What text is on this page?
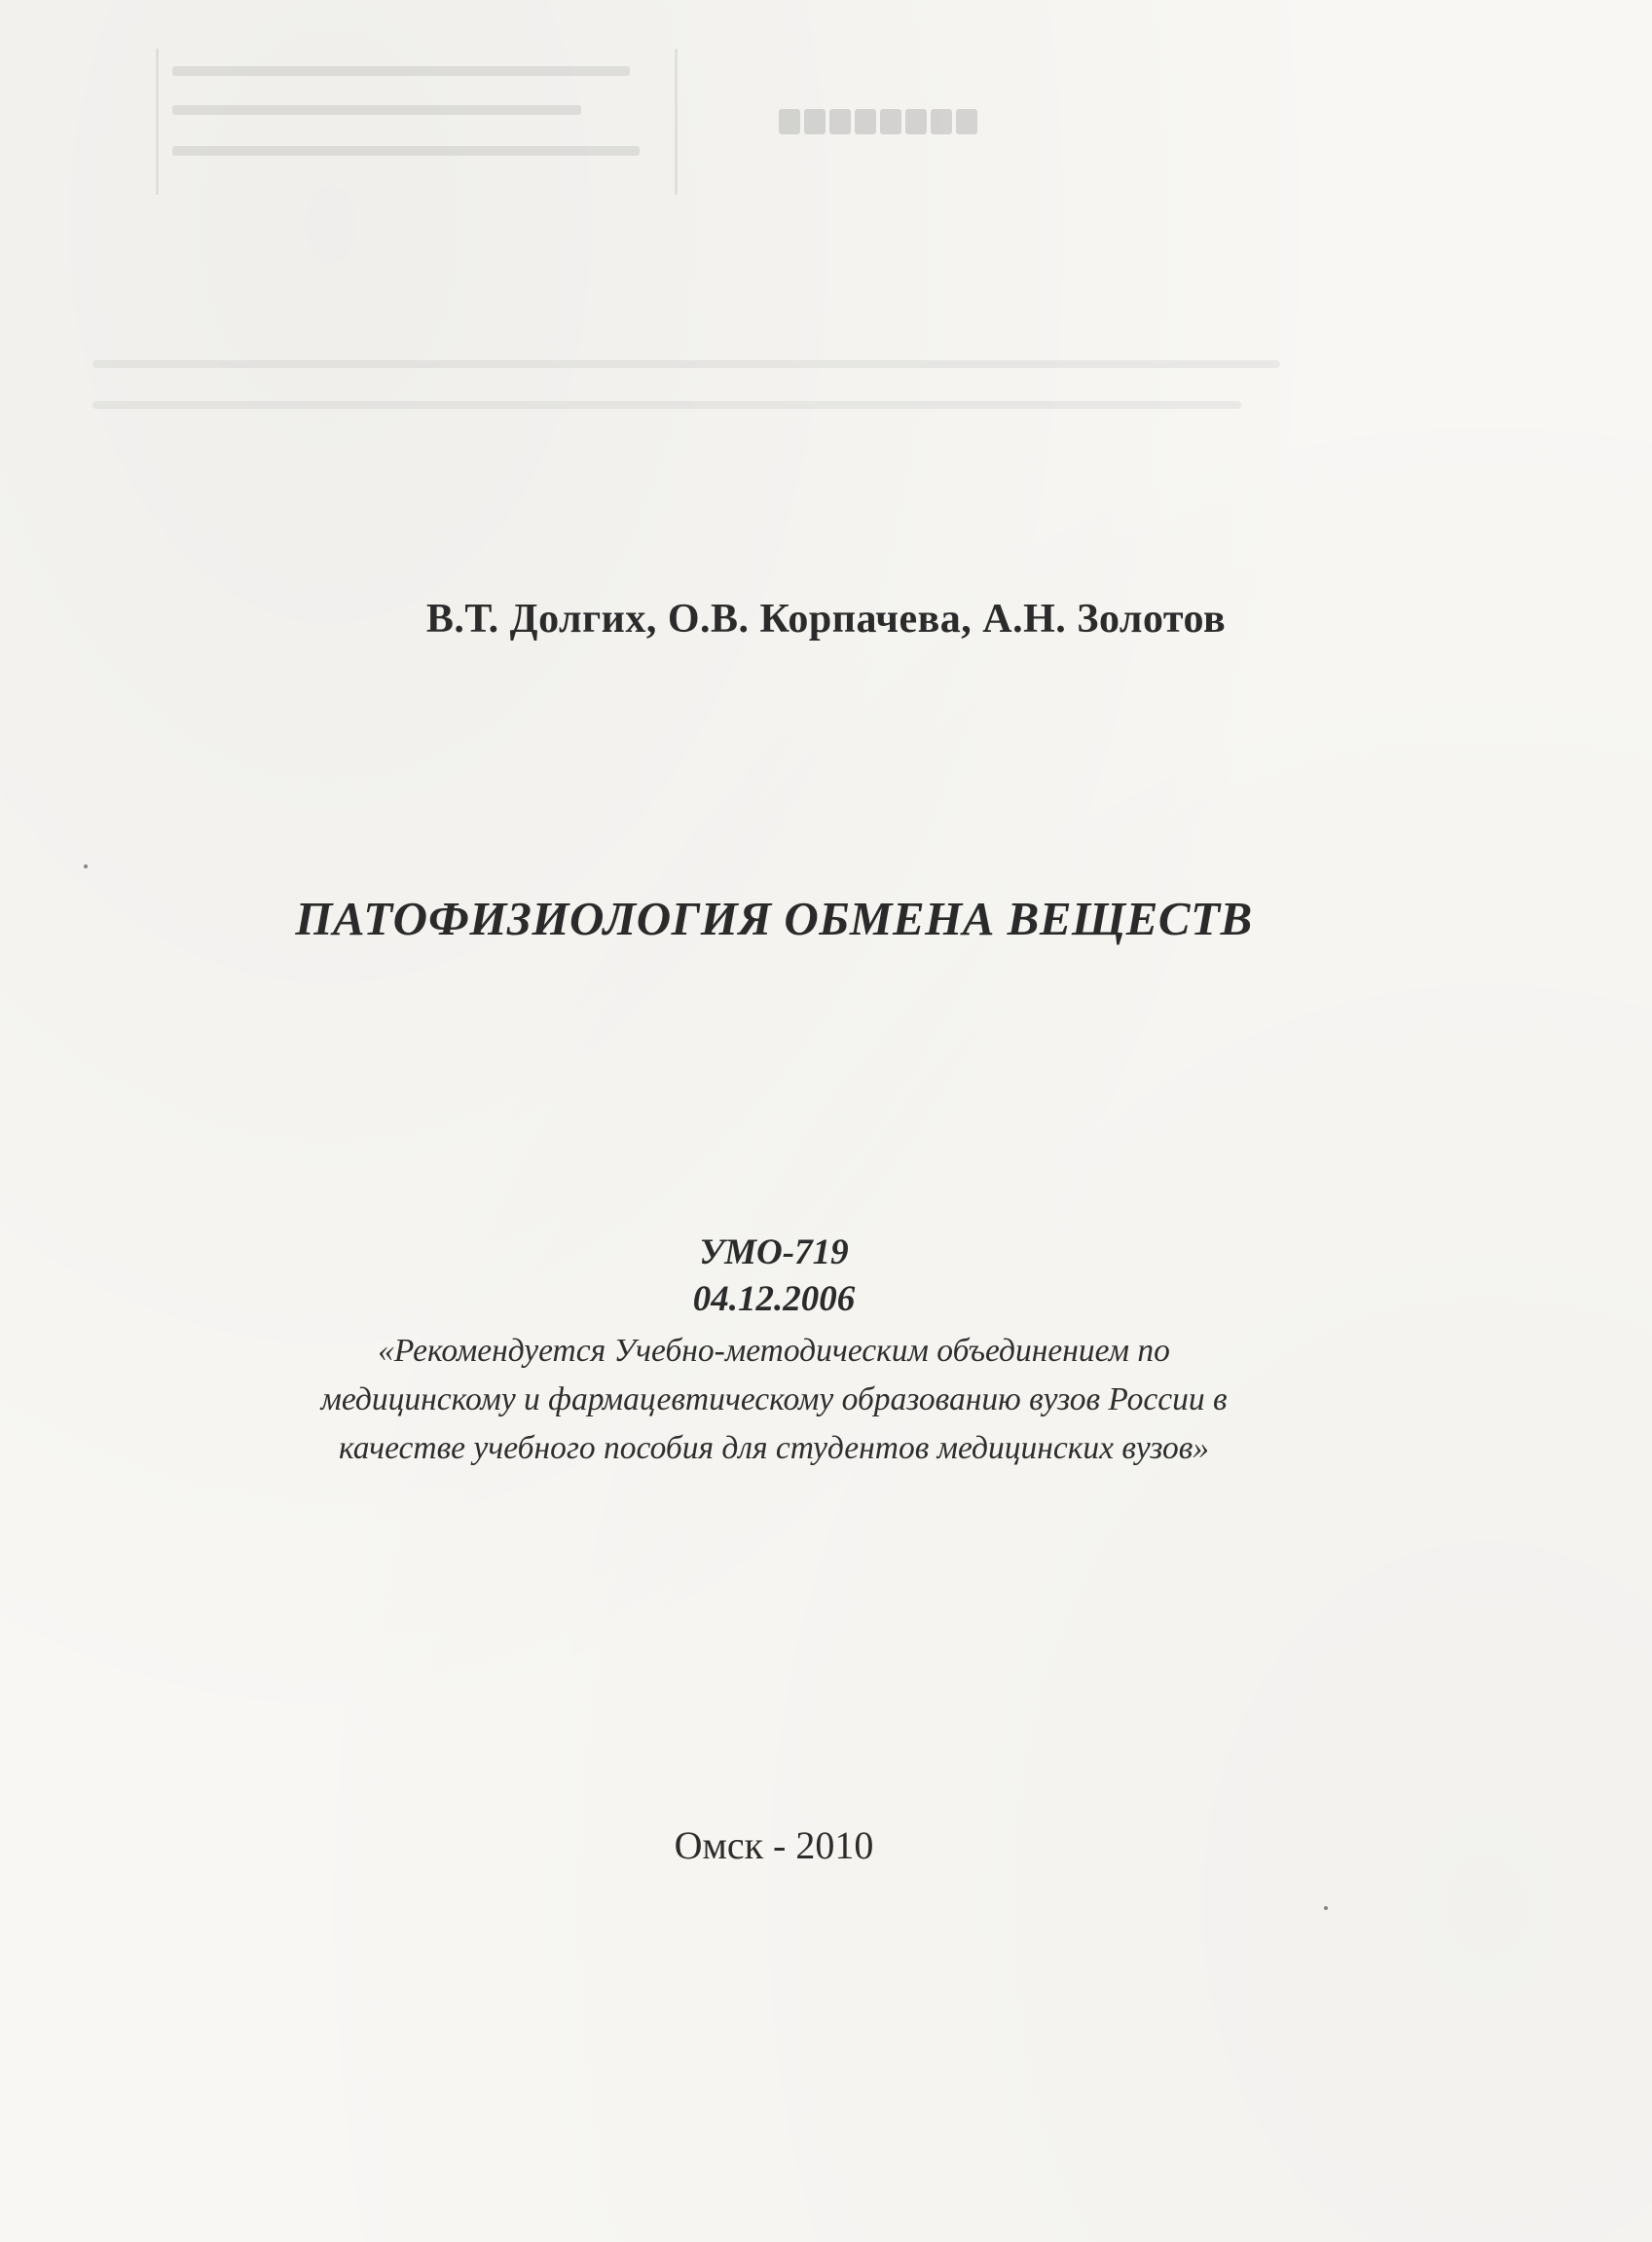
В.Т. Долгих, О.В. Корпачева, А.Н. Золотов
ПАТОФИЗИОЛОГИЯ ОБМЕНА ВЕЩЕСТВ
УМО-719
04.12.2006
«Рекомендуется Учебно-методическим объединением по
медицинскому и фармацевтическому образованию вузов России в
качестве учебного пособия для студентов медицинских вузов»
Омск - 2010
